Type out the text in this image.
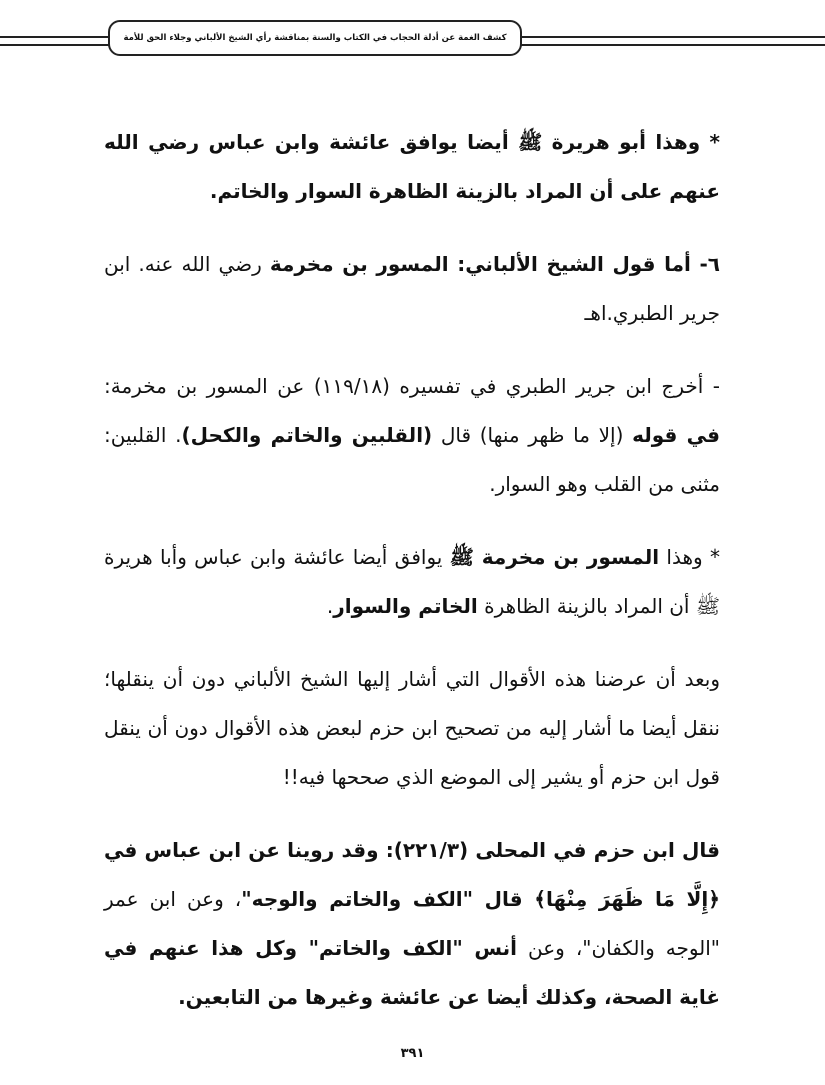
كشف الغمة عن أدلة الحجاب في الكتاب والسنة بمناقشة رأي الشيخ الألباني وجلاء الحق للأمة

* وهذا أبو هريرة ﷺ أيضا يوافق عائشة وابن عباس رضي الله عنهم على أن المراد بالزينة الظاهرة السوار والخاتم.

٦- أما قول الشيخ الألباني: المسور بن مخرمة رضي الله عنه. ابن جرير الطبري.اهـ

- أخرج ابن جرير الطبري في تفسيره (١١٩/١٨) عن المسور بن مخرمة: في قوله (إلا ما ظهر منها) قال (القلبين والخاتم والكحل). القلبين: مثنى من القلب وهو السوار.

* وهذا المسور بن مخرمة ﷺ يوافق أيضا عائشة وابن عباس وأبا هريرة ﷺ أن المراد بالزينة الظاهرة الخاتم والسوار.

وبعد أن عرضنا هذه الأقوال التي أشار إليها الشيخ الألباني دون أن ينقلها؛ ننقل أيضا ما أشار إليه من تصحيح ابن حزم لبعض هذه الأقوال دون أن ينقل قول ابن حزم أو يشير إلى الموضع الذي صححها فيه!!

قال ابن حزم في المحلى (٢٢١/٣): وقد روينا عن ابن عباس في ﴿إِلَّا مَا ظَهَرَ مِنْهَا﴾ قال "الكف والخاتم والوجه"، وعن ابن عمر "الوجه والكفان"، وعن أنس "الكف والخاتم" وكل هذا عنهم في غاية الصحة، وكذلك أيضا عن عائشة وغيرها من التابعين.

٣٩١
